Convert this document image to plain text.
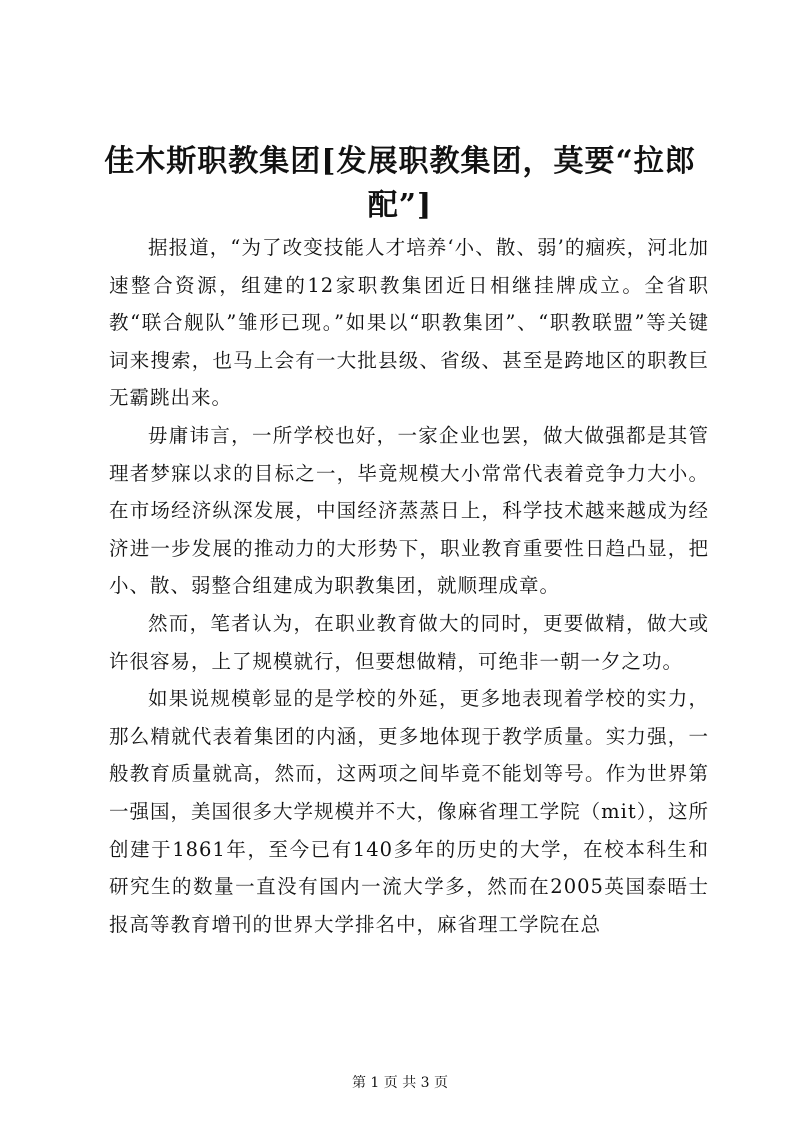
佳木斯职教集团[发展职教集团，莫要“拉郎配”]

据报道，“为了改变技能人才培养‘小、散、弱’的痼疾，河北加速整合资源，组建的12家职教集团近日相继挂牌成立。全省职教“联合舰队”雏形已现。”如果以“职教集团”、“职教联盟”等关键词来搜索，也马上会有一大批县级、省级、甚至是跨地区的职教巨无霸跳出来。

毋庸讳言，一所学校也好，一家企业也罢，做大做强都是其管理者梦寐以求的目标之一，毕竟规模大小常常代表着竞争力大小。在市场经济纵深发展，中国经济蒸蒸日上，科学技术越来越成为经济进一步发展的推动力的大形势下，职业教育重要性日趋凸显，把小、散、弱整合组建成为职教集团，就顺理成章。

然而，笔者认为，在职业教育做大的同时，更要做精，做大或许很容易，上了规模就行，但要想做精，可绝非一朝一夕之功。

如果说规模彰显的是学校的外延，更多地表现着学校的实力，那么精就代表着集团的内涵，更多地体现于教学质量。实力强，一般教育质量就高，然而，这两项之间毕竟不能划等号。作为世界第一强国，美国很多大学规模并不大，像麻省理工学院（mit），这所创建于1861年，至今已有140多年的历史的大学，在校本科生和研究生的数量一直没有国内一流大学多，然而在2005英国泰晤士报高等教育增刊的世界大学排名中，麻省理工学院在总

第 1 页 共 3 页
